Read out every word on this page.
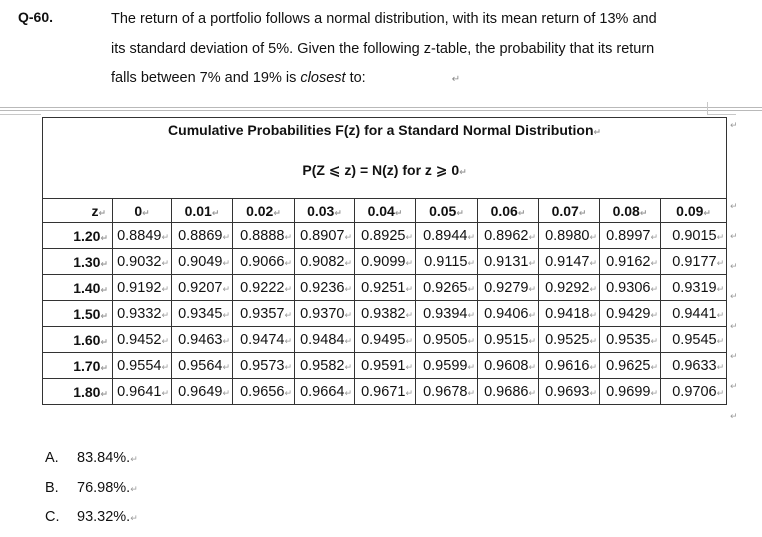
Q-60.	The return of a portfolio follows a normal distribution, with its mean return of 13% and
its standard deviation of 5%. Given the following z-table, the probability that its return
falls between 7% and 19% is closest to:	↵
Cumulative Probabilities F(z) for a Standard Normal Distribution↵
P(Z ⩽ z) = N(z) for z ⩾ 0↵										

z↵	0↵	0.01↵	0.02↵	0.03↵	0.04↵	0.05↵	0.06↵	0.07↵	0.08↵	0.09↵
1.20↵	0.8849↵	0.8869↵	0.8888↵	0.8907↵	0.8925↵	0.8944↵	0.8962↵	0.8980↵	0.8997↵	0.9015↵
1.30↵	0.9032↵	0.9049↵	0.9066↵	0.9082↵	0.9099↵	0.9115↵	0.9131↵	0.9147↵	0.9162↵	0.9177↵
1.40↵	0.9192↵	0.9207↵	0.9222↵	0.9236↵	0.9251↵	0.9265↵	0.9279↵	0.9292↵	0.9306↵	0.9319↵
1.50↵	0.9332↵	0.9345↵	0.9357↵	0.9370↵	0.9382↵	0.9394↵	0.9406↵	0.9418↵	0.9429↵	0.9441↵
1.60↵	0.9452↵	0.9463↵	0.9474↵	0.9484↵	0.9495↵	0.9505↵	0.9515↵	0.9525↵	0.9535↵	0.9545↵
1.70↵	0.9554↵	0.9564↵	0.9573↵	0.9582↵	0.9591↵	0.9599↵	0.9608↵	0.9616↵	0.9625↵	0.9633↵
1.80↵	0.9641↵	0.9649↵	0.9656↵	0.9664↵	0.9671↵	0.9678↵	0.9686↵	0.9693↵	0.9699↵	0.9706↵
↵
A. 83.84%.↵
B. 76.98%.↵
C. 93.32%.↵
↵
↵
↵
↵
↵
↵
↵
↵
